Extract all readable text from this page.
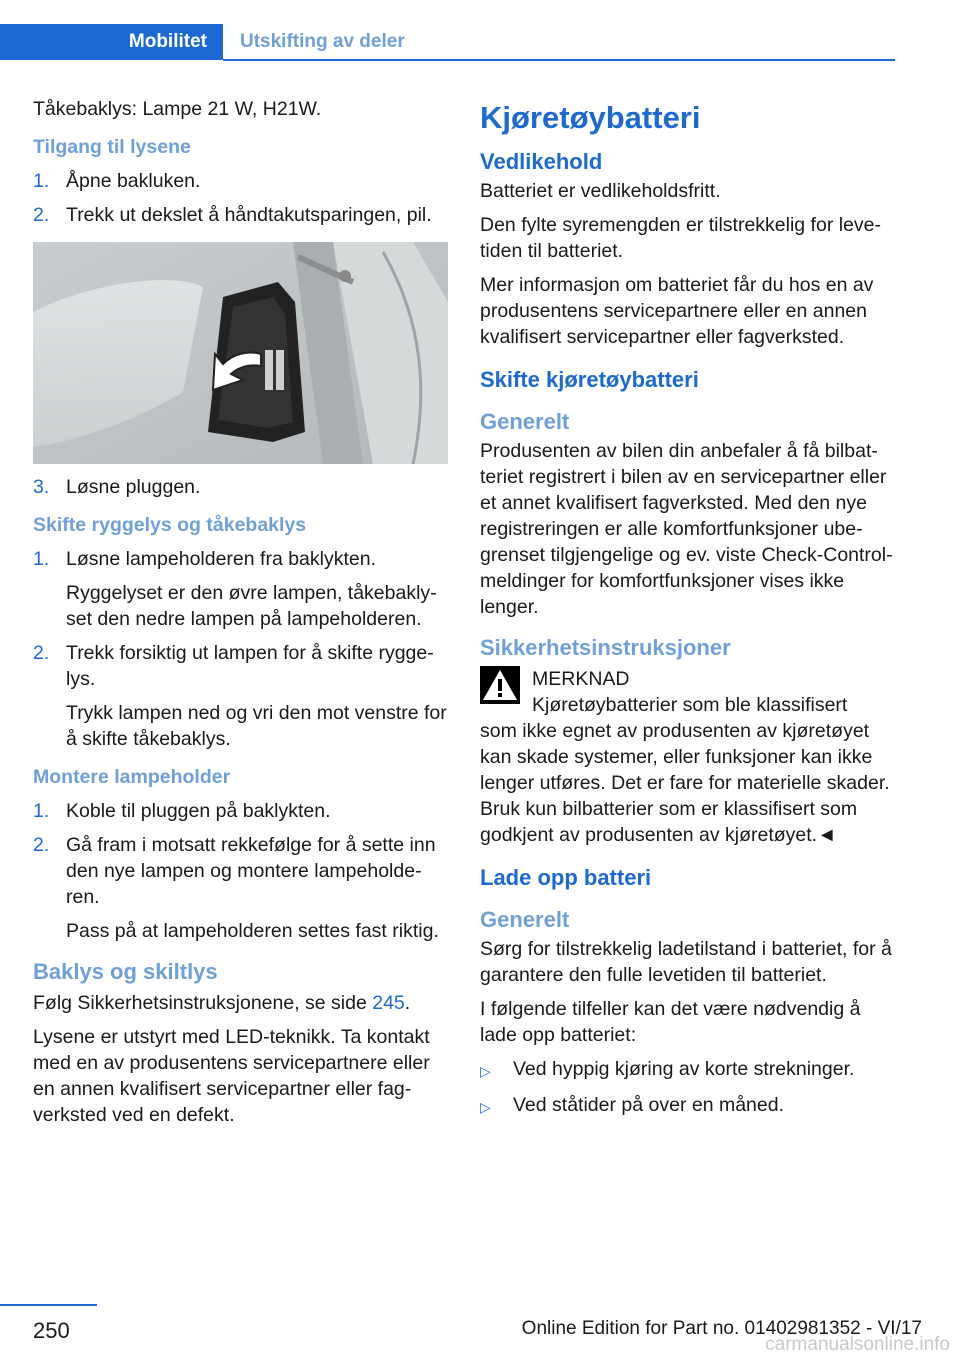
Mobilitet	Utskifting av deler

Tåkebaklys: Lampe 21 W, H21W.

Tilgang til lysene
1. Åpne bakluken.
2. Trekk ut dekslet å håndtakutsparingen, pil.
3. Løsne pluggen.
Skifte ryggelys og tåkebaklys
1. Løsne lampeholderen fra baklykten.

Ryggelyset er den øvre lampen, tåkebaklyset den nedre lampen på lampeholderen.

2. Trekk forsiktig ut lampen for å skifte ryggelys.

Trykk lampen ned og vri den mot venstre for å skifte tåkebaklys.

Montere lampeholder
1. Koble til pluggen på baklykten.
2. Gå fram i motsatt rekkefølge for å sette inn den nye lampen og montere lampeholderen.

Pass på at lampeholderen settes fast riktig.

Baklys og skiltlys

Følg Sikkerhetsinstruksjonene, se side 245.

Lysene er utstyrt med LED-teknikk. Ta kontakt med en av produsentens servicepartnere eller en annen kvalifisert servicepartner eller fagverksted ved en defekt.

Kjøretøybatteri
Vedlikehold

Batteriet er vedlikeholdsfritt.

Den fylte syremengden er tilstrekkelig for levetiden til batteriet.

Mer informasjon om batteriet får du hos en av produsentens servicepartnere eller en annen kvalifisert servicepartner eller fagverksted.

Skifte kjøretøybatteri
Generelt

Produsenten av bilen din anbefaler å få bilbatteriet registrert i bilen av en servicepartner eller et annet kvalifisert fagverksted. Med den nye registreringen er alle komfortfunksjoner ubegrenset tilgjengelige og ev. viste Check-Control-meldinger for komfortfunksjoner vises ikke lenger.

Sikkerhetsinstruksjoner
MERKNAD
Kjøretøybatterier som ble klassifisert
som ikke egnet av produsenten av kjøretøyet kan skade systemer, eller funksjoner kan ikke lenger utføres. Det er fare for materielle skader. Bruk kun bilbatterier som er klassifisert som godkjent av produsenten av kjøretøyet.◄
Lade opp batteri
Generelt

Sørg for tilstrekkelig ladetilstand i batteriet, for å garantere den fulle levetiden til batteriet.

I følgende tilfeller kan det være nødvendig å lade opp batteriet:

▷	Ved hyppig kjøring av korte strekninger.
▷	Ved ståtider på over en måned.
250	Online Edition for Part no. 01402981352 - VI/17
carmanualsonline.info
